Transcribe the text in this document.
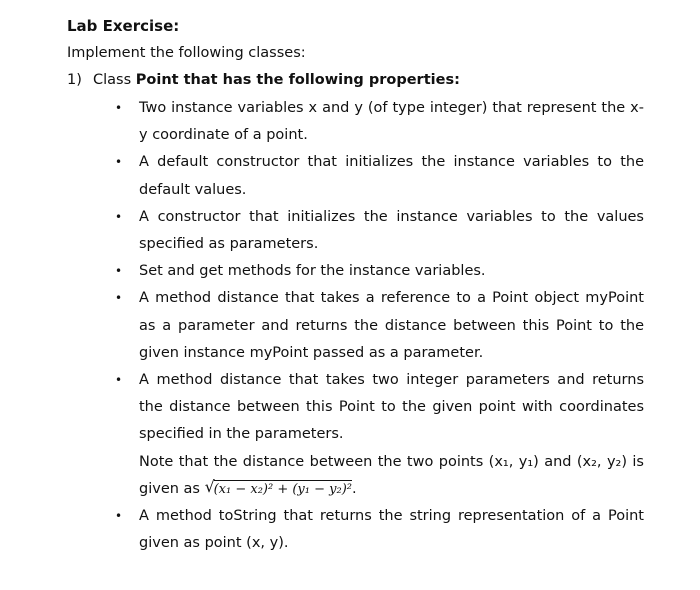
Lab Exercise:
Implement the following classes:
1) Class Point that has the following properties:
• Two instance variables x and y (of type integer) that represent the x-y coordinate of a point.
• A default constructor that initializes the instance variables to the default values.
• A constructor that initializes the instance variables to the values specified as parameters.
• Set and get methods for the instance variables.
• A method distance that takes a reference to a Point object myPoint as a parameter and returns the distance between this Point to the given instance myPoint passed as a parameter.
• A method distance that takes two integer parameters and returns the distance between this Point to the given point with coordinates specified in the parameters.
Note that the distance between the two points (x₁, y₁) and (x₂, y₂) is given as √
(x₁ − x₂)² + (y₁ − y₂)².
• A method toString that returns the string representation of a Point given as point (x, y).
